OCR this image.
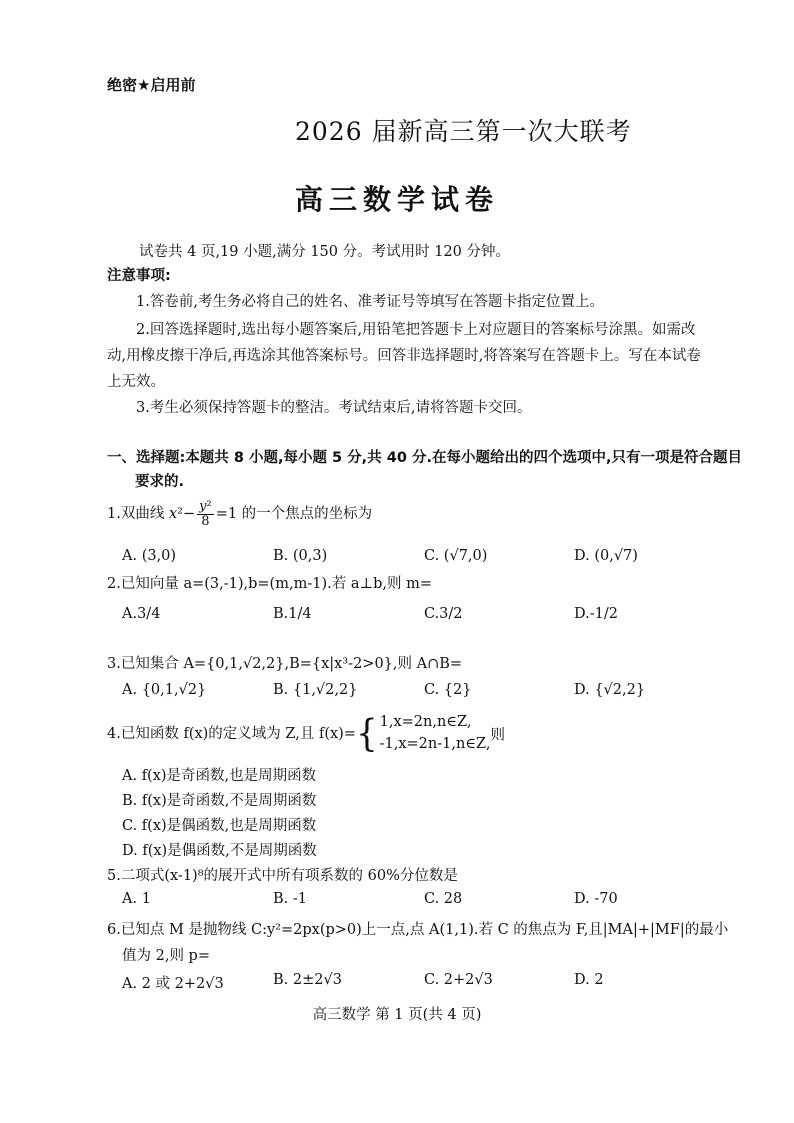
绝密★启用前
2026 届新高三第一次大联考
高三数学试卷
试卷共 4 页,19 小题,满分 150 分。考试用时 120 分钟。
注意事项:
1.答卷前,考生务必将自己的姓名、准考证号等填写在答题卡指定位置上。
2.回答选择题时,选出每小题答案后,用铅笔把答题卡上对应题目的答案标号涂黑。如需改
动,用橡皮擦干净后,再选涂其他答案标号。回答非选择题时,将答案写在答题卡上。写在本试卷
上无效。
3.考生必须保持答题卡的整洁。考试结束后,请将答题卡交回。
一、选择题:本题共 8 小题,每小题 5 分,共 40 分.在每小题给出的四个选项中,只有一项是符合题目
要求的.
1.双曲线 $x^2- \frac{\text{y²}}{8} =1$ 的一个焦点的坐标为
A. (3,0)	B. (0,3)	C. (√7,0)	D. (0,√7)
2.已知向量 a=(3,-1),b=(m,m-1).若 a⊥b,则 m=
A.3/4	B.1/4	C.3/2	D.-1/2
3.已知集合 A={0,1,√2,2},B={x|x³-2>0},则 A∩B=
A. {0,1,√2}	B. {1,√2,2}	C. {2}	D. {√2,2}
4.已知函数 f(x)的定义域为 Z,且 f(x)={ 1,x=2n,n∈Z,
-1,x=2n-1,n∈Z,
则
A. f(x)是奇函数,也是周期函数
B. f(x)是奇函数,不是周期函数
C. f(x)是偶函数,也是周期函数
D. f(x)是偶函数,不是周期函数
5.二项式(x-1)⁸的展开式中所有项系数的 60%分位数是
A. 1	B. -1	C. 28	D. -70
6.已知点 M 是抛物线 C:y²=2px(p>0)上一点,点 A(1,1).若 C 的焦点为 F,且|MA|+|MF|的最小
值为 2,则 p=
A. 2 或 2+2√3	B. 2±2√3	C. 2+2√3	D. 2
高三数学 第 1 页(共 4 页)
